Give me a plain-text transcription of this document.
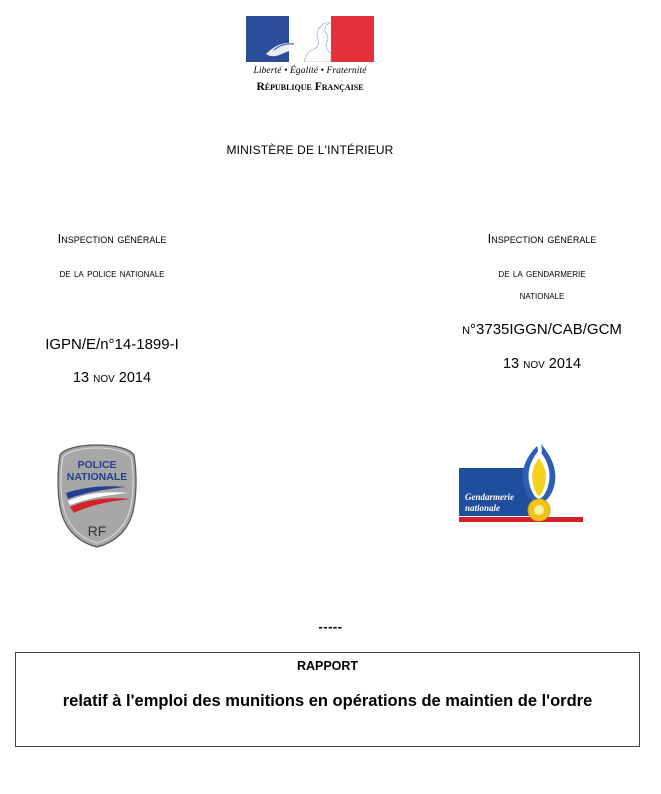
Liberté • Égalité • Fraternité
République Française
MINISTÈRE DE L'INTÉRIEUR
Inspection générale
de la police nationale
IGPN/E/n°14-1899-I
13 nov 2014
Inspection générale
de la gendarmerie
nationale
n°3735IGGN/CAB/GCM
13 nov 2014
POLICE
NATIONALE
RF
Gendarmerie
nationale
-----
RAPPORT
relatif à l'emploi des munitions en opérations de maintien de l'ordre
